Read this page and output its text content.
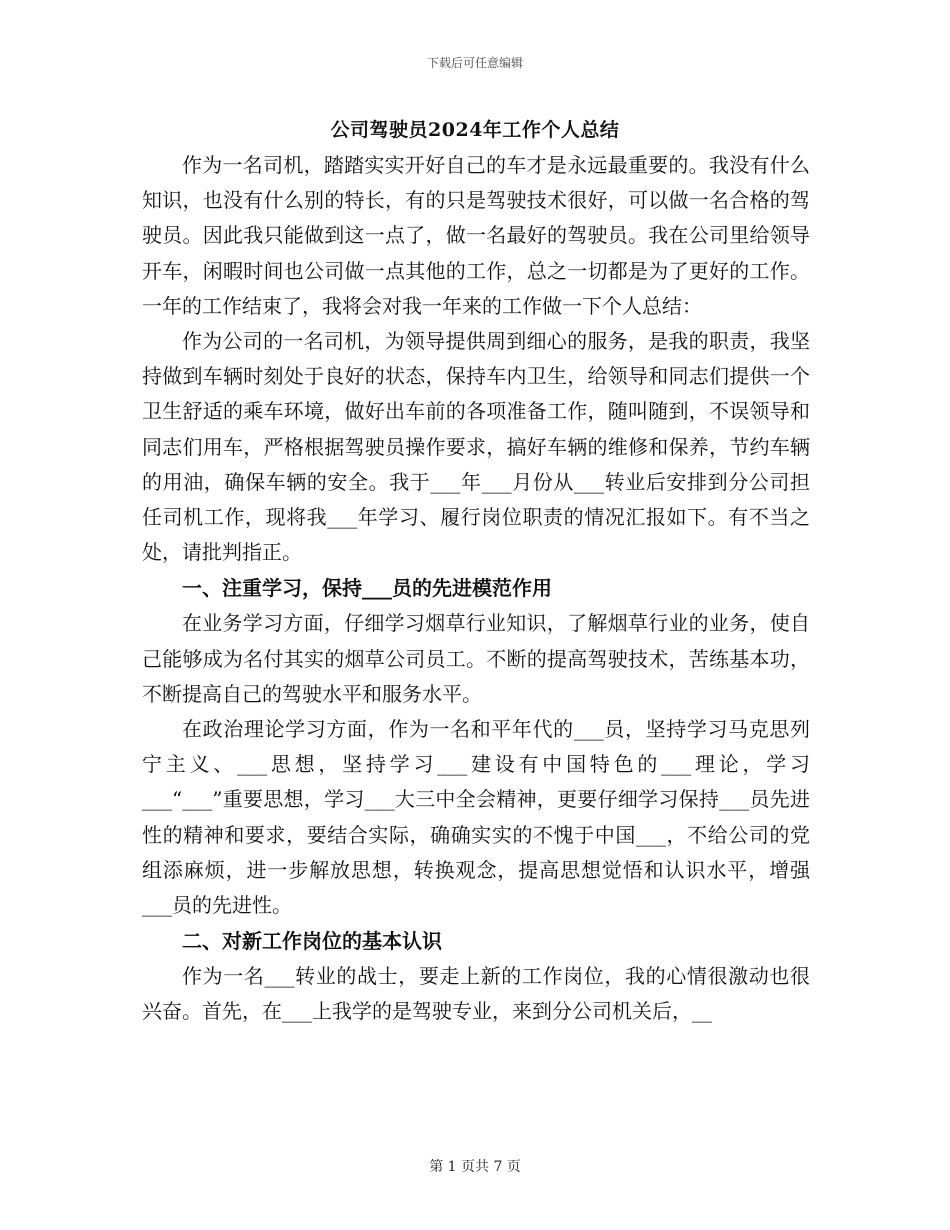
下载后可任意编辑
公司驾驶员2024年工作个人总结

作为一名司机，踏踏实实开好自己的车才是永远最重要的。我没有什么知识，也没有什么别的特长，有的只是驾驶技术很好，可以做一名合格的驾驶员。因此我只能做到这一点了，做一名最好的驾驶员。我在公司里给领导开车，闲暇时间也公司做一点其他的工作，总之一切都是为了更好的工作。一年的工作结束了，我将会对我一年来的工作做一下个人总结：

作为公司的一名司机，为领导提供周到细心的服务，是我的职责，我坚持做到车辆时刻处于良好的状态，保持车内卫生，给领导和同志们提供一个卫生舒适的乘车环境，做好出车前的各项准备工作，随叫随到，不误领导和同志们用车，严格根据驾驶员操作要求，搞好车辆的维修和保养，节约车辆的用油，确保车辆的安全。我于___年___月份从___转业后安排到分公司担任司机工作，现将我___年学习、履行岗位职责的情况汇报如下。有不当之处，请批判指正。

一、注重学习，保持___员的先进模范作用

在业务学习方面，仔细学习烟草行业知识，了解烟草行业的业务，使自己能够成为名付其实的烟草公司员工。不断的提高驾驶技术，苦练基本功，不断提高自己的驾驶水平和服务水平。

在政治理论学习方面，作为一名和平年代的___员，坚持学习马克思列宁主义、___思想，坚持学习___建设有中国特色的___理论，学习___“___”重要思想，学习___大三中全会精神，更要仔细学习保持___员先进性的精神和要求，要结合实际，确确实实的不愧于中国___，不给公司的党组添麻烦，进一步解放思想，转换观念，提高思想觉悟和认识水平，增强___员的先进性。

二、对新工作岗位的基本认识

作为一名___转业的战士，要走上新的工作岗位，我的心情很激动也很兴奋。首先，在___上我学的是驾驶专业，来到分公司机关后，__

第 1 页共 7 页
